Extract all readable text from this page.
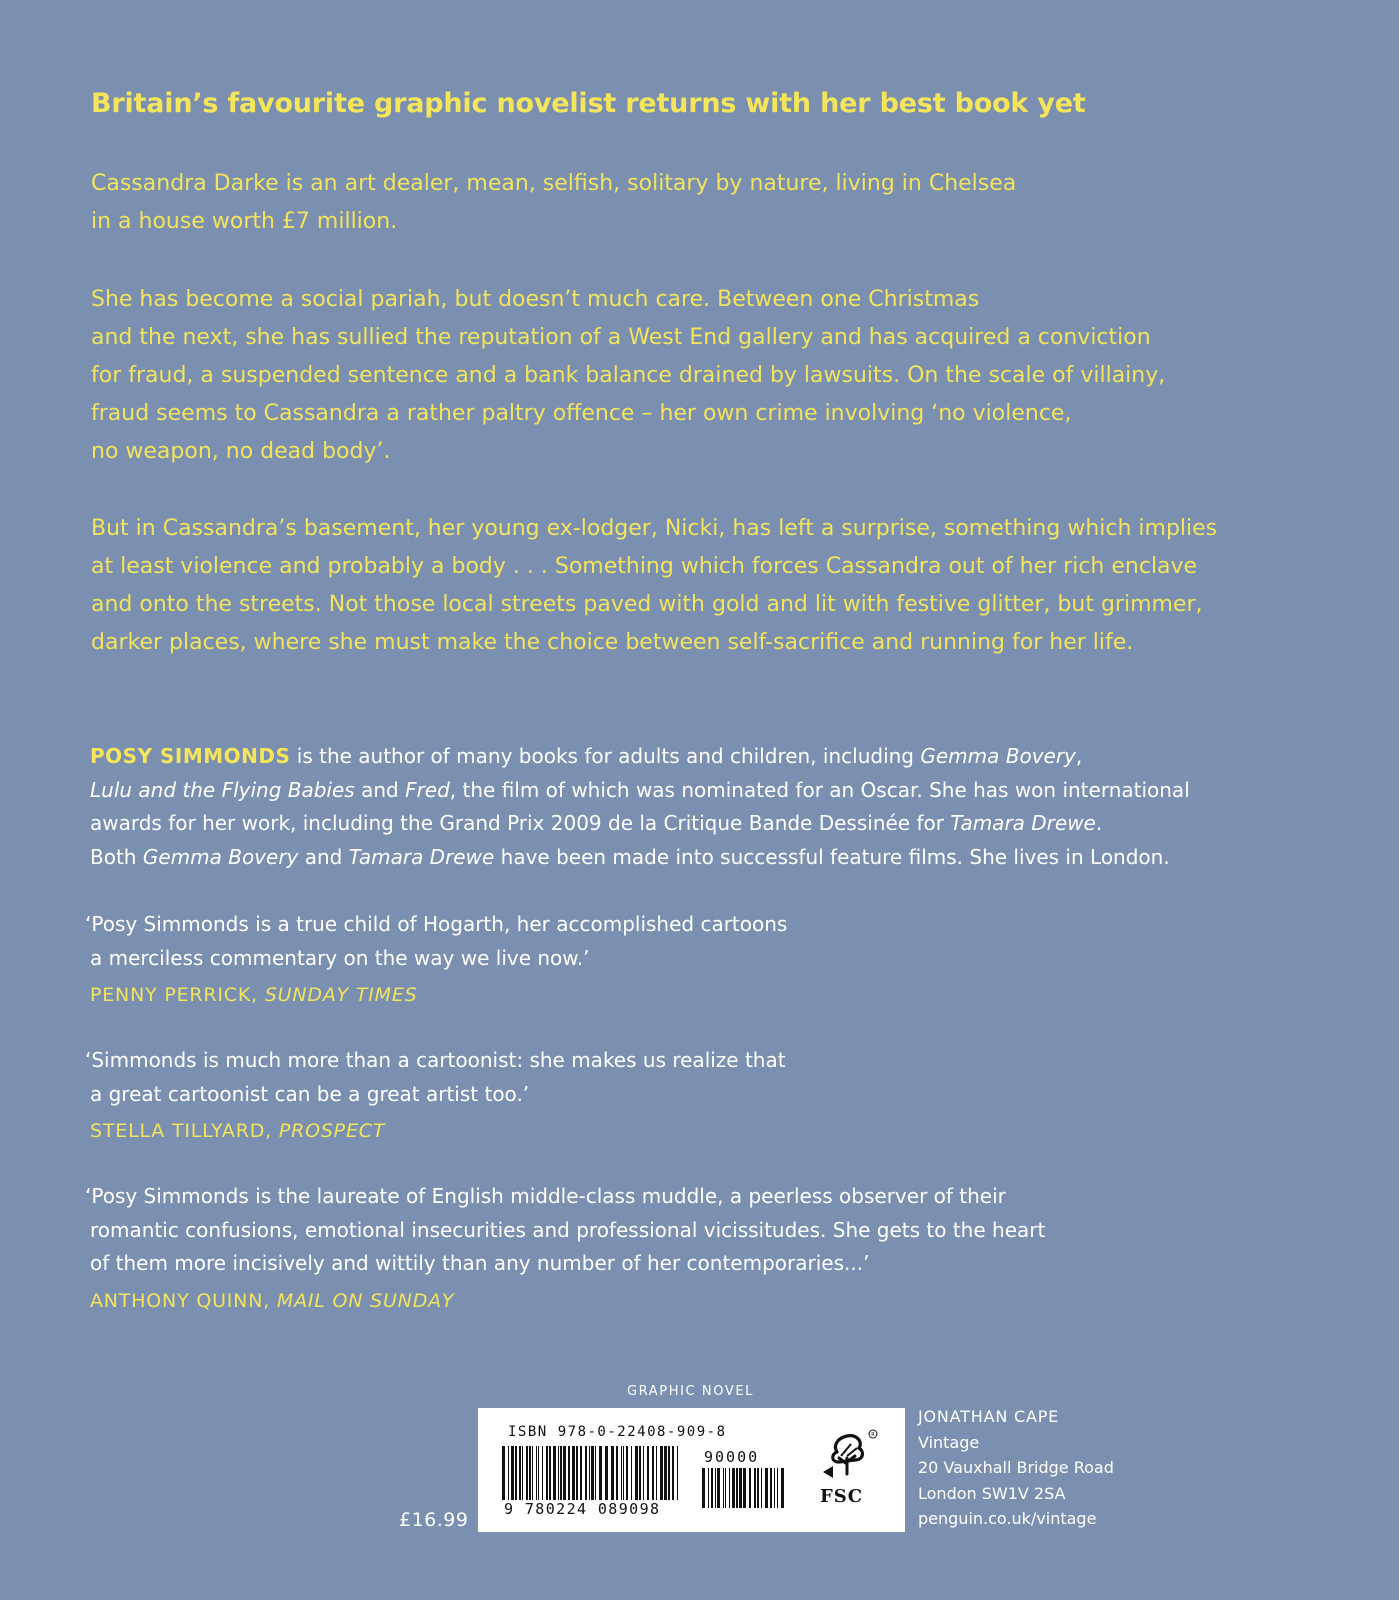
Britain’s favourite graphic novelist returns with her best book yet
Cassandra Darke is an art dealer, mean, selfish, solitary by nature, living in Chelsea
in a house worth £7 million.
She has become a social pariah, but doesn’t much care. Between one Christmas
and the next, she has sullied the reputation of a West End gallery and has acquired a conviction
for fraud, a suspended sentence and a bank balance drained by lawsuits. On the scale of villainy,
fraud seems to Cassandra a rather paltry offence – her own crime involving ‘no violence,
no weapon, no dead body’.
But in Cassandra’s basement, her young ex-lodger, Nicki, has left a surprise, something which implies
at least violence and probably a body . . . Something which forces Cassandra out of her rich enclave
and onto the streets. Not those local streets paved with gold and lit with festive glitter, but grimmer,
darker places, where she must make the choice between self-sacrifice and running for her life.
POSY SIMMONDS is the author of many books for adults and children, including Gemma Bovery,
Lulu and the Flying Babies and Fred, the film of which was nominated for an Oscar. She has won international
awards for her work, including the Grand Prix 2009 de la Critique Bande Dessinée for Tamara Drewe.
Both Gemma Bovery and Tamara Drewe have been made into successful feature films. She lives in London.
‘Posy Simmonds is a true child of Hogarth, her accomplished cartoons
a merciless commentary on the way we live now.’
PENNY PERRICK, SUNDAY TIMES
‘Simmonds is much more than a cartoonist: she makes us realize that
a great cartoonist can be a great artist too.’
STELLA TILLYARD, PROSPECT
‘Posy Simmonds is the laureate of English middle-class muddle, a peerless observer of their
romantic confusions, emotional insecurities and professional vicissitudes. She gets to the heart
of them more incisively and wittily than any number of her contemporaries...’
ANTHONY QUINN, MAIL ON SUNDAY
GRAPHIC NOVEL
£16.99
ISBN 978-0-22408-909-8
9 780224 089098
90000
R
FSC
JONATHAN CAPE
Vintage
20 Vauxhall Bridge Road
London SW1V 2SA
penguin.co.uk/vintage
